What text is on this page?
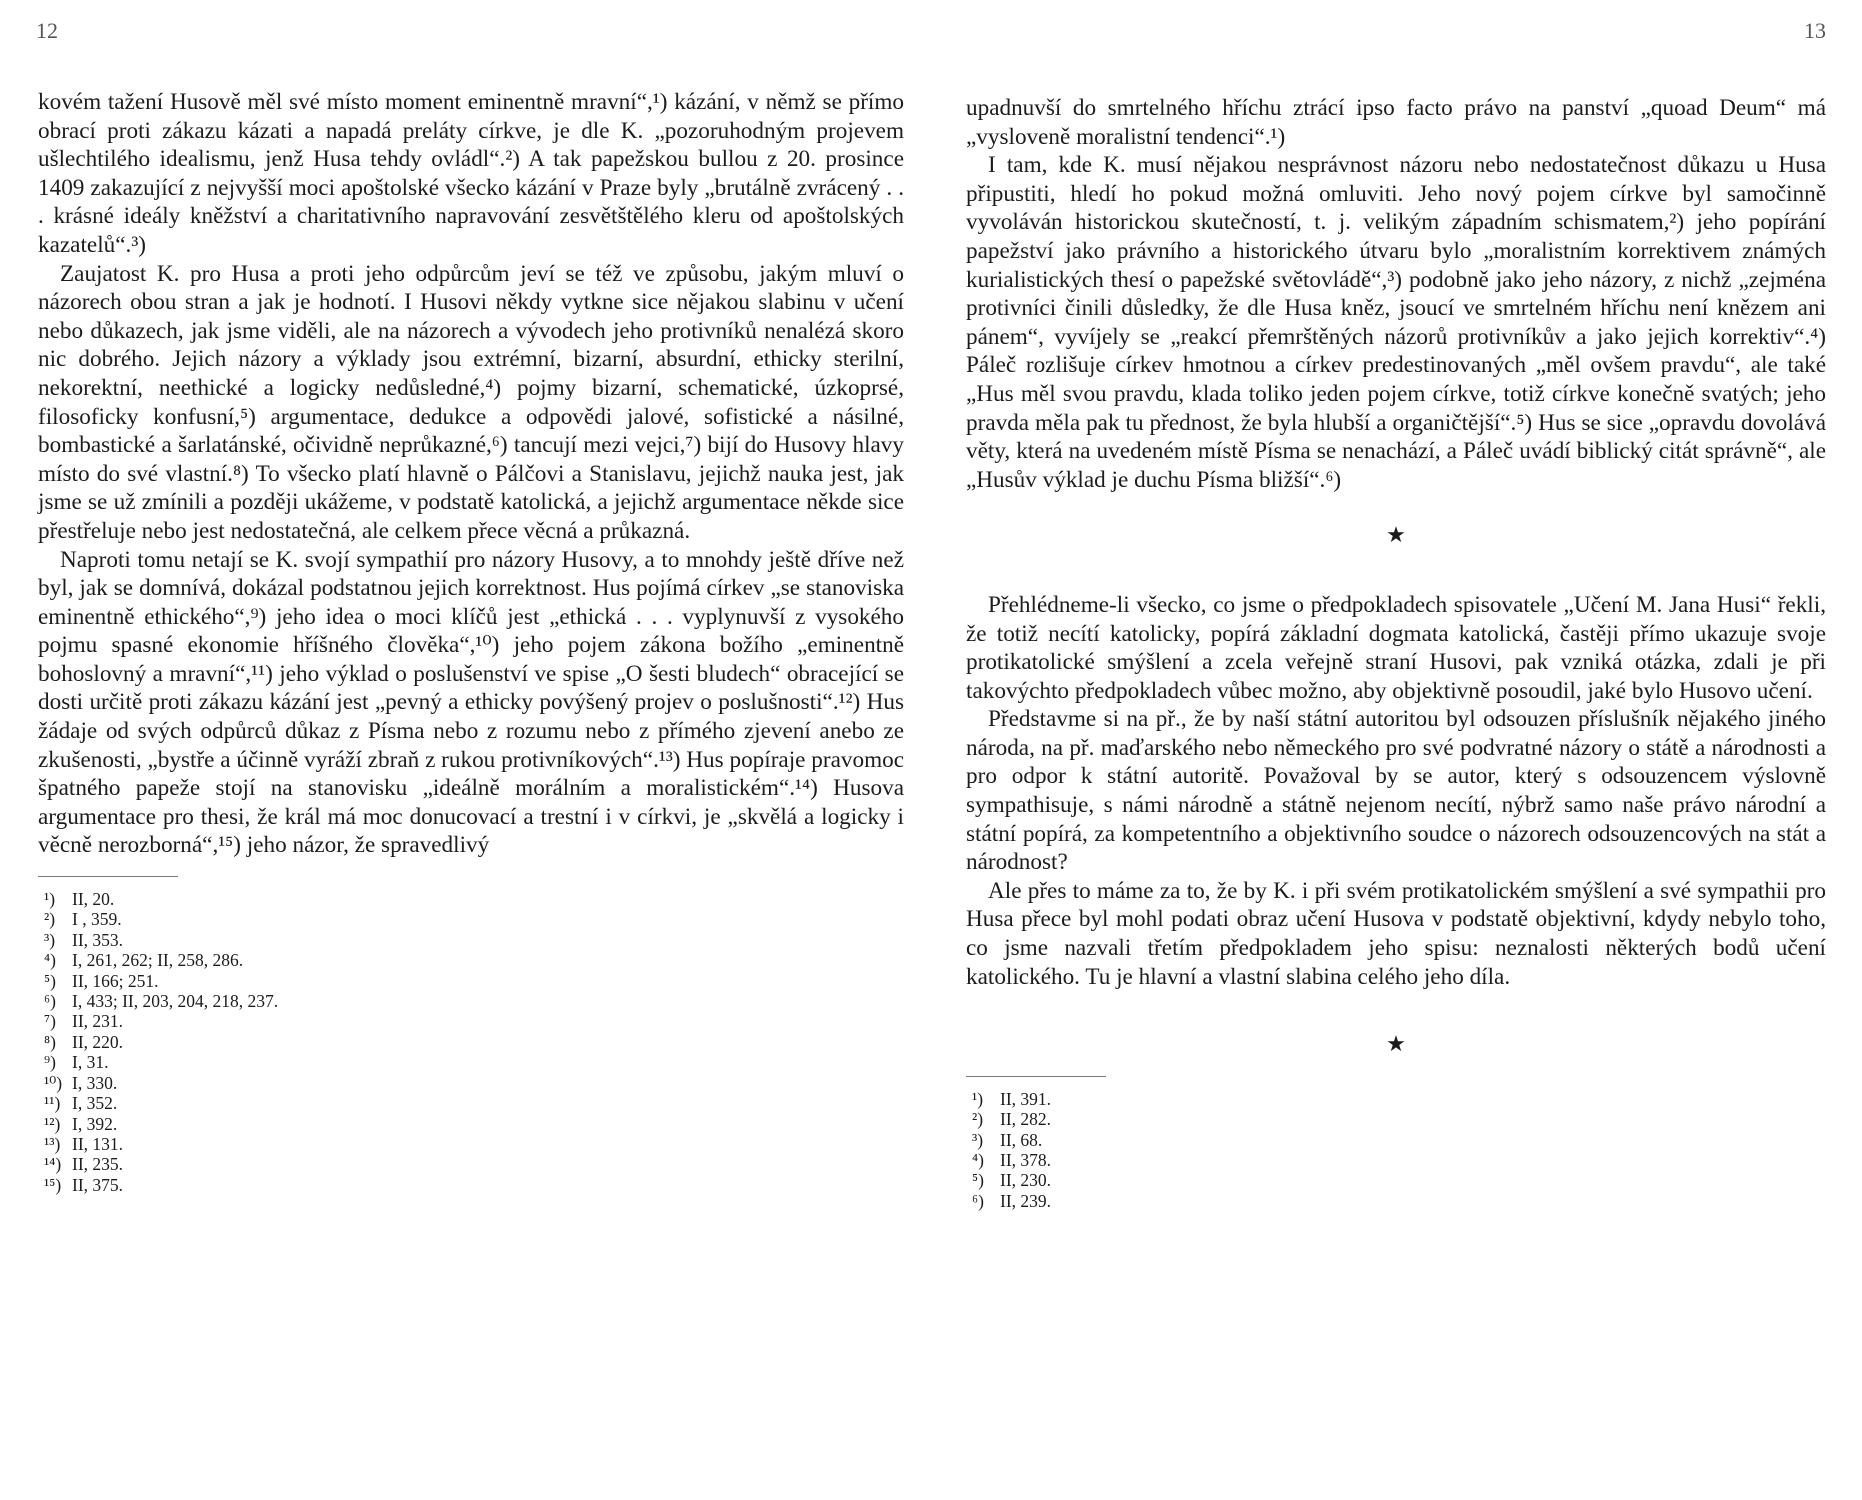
12	13

kovém tažení Husově měl své místo moment eminentně mravní“,¹) kázání, v němž se přímo obrací proti zákazu kázati a napadá preláty církve, je dle K. „pozoruhodným projevem ušlechtilého idealismu, jenž Husa tehdy ovládl“.²) A tak papežskou bullou z 20. prosince 1409 zakazující z nejvyšší moci apoštolské všecko kázání v Praze byly „brutálně zvrácený . . . krásné ideály kněžství a charitativního napravování zesvětštělého kleru od apoštolských kazatelů“.³)

Zaujatost K. pro Husa a proti jeho odpůrcům jeví se též ve způsobu, jakým mluví o názorech obou stran a jak je hodnotí. I Husovi někdy vytkne sice nějakou slabinu v učení nebo důkazech, jak jsme viděli, ale na názorech a vývodech jeho protivníků nenalézá skoro nic dobrého. Jejich názory a výklady jsou extrémní, bizarní, absurdní, ethicky sterilní, nekorektní, neethické a logicky nedůsledné,⁴) pojmy bizarní, schematické, úzkoprsé, filosoficky konfusní,⁵) argumentace, dedukce a odpovědi jalové, sofistické a násilné, bombastické a šarlatánské, očividně neprůkazné,⁶) tancují mezi vejci,⁷) bijí do Husovy hlavy místo do své vlastní.⁸) To všecko platí hlavně o Pálčovi a Stanislavu, jejichž nauka jest, jak jsme se už zmínili a později ukážeme, v podstatě katolická, a jejichž argumentace někde sice přestřeluje nebo jest nedostatečná, ale celkem přece věcná a průkazná.

Naproti tomu netají se K. svojí sympathií pro názory Husovy, a to mnohdy ještě dříve než byl, jak se domnívá, dokázal podstatnou jejich korrektnost. Hus pojímá církev „se stanoviska eminentně ethického“,⁹) jeho idea o moci klíčů jest „ethická . . . vyplynuvší z vysokého pojmu spasné ekonomie hříšného člověka“,¹⁰) jeho pojem zákona božího „eminentně bohoslovný a mravní“,¹¹) jeho výklad o poslušenství ve spise „O šesti bludech“ obracející se dosti určitě proti zákazu kázání jest „pevný a ethicky povýšený projev o poslušnosti“.¹²) Hus žádaje od svých odpůrců důkaz z Písma nebo z rozumu nebo z přímého zjevení anebo ze zkušenosti, „bystře a účinně vyráží zbraň z rukou protivníkových“.¹³) Hus popíraje pravomoc špatného papeže stojí na stanovisku „ideálně morálním a moralistickém“.¹⁴) Husova argumentace pro thesi, že král má moc donucovací a trestní i v církvi, je „skvělá a logicky i věcně nerozborná“,¹⁵) jeho názor, že spravedlivý

¹) II, 20.
²) I , 359.
³) II, 353.
⁴) I, 261, 262; II, 258, 286.
⁵) II, 166; 251.
⁶) I, 433; II, 203, 204, 218, 237.
⁷) II, 231.
⁸) II, 220.
⁹) I, 31.
¹⁰) I, 330.
¹¹) I, 352.
¹²) I, 392.
¹³) II, 131.
¹⁴) II, 235.
¹⁵) II, 375.

upadnuvší do smrtelného hříchu ztrácí ipso facto právo na panství „quoad Deum“ má „vysloveně moralistní tendenci“.¹)

I tam, kde K. musí nějakou nesprávnost názoru nebo nedostatečnost důkazu u Husa připustiti, hledí ho pokud možná omluviti. Jeho nový pojem církve byl samočinně vyvoláván historickou skutečností, t. j. velikým západním schismatem,²) jeho popírání papežství jako právního a historického útvaru bylo „moralistním korrektivem známých kurialistických thesí o papežské světovládě“,³) podobně jako jeho názory, z nichž „zejména protivníci činili důsledky, že dle Husa kněz, jsoucí ve smrtelném hříchu není knězem ani pánem“, vyvíjely se „reakcí přemrštěných názorů protivníkův a jako jejich korrektiv“.⁴) Páleč rozlišuje církev hmotnou a církev predestinovaných „měl ovšem pravdu“, ale také „Hus měl svou pravdu, klada toliko jeden pojem církve, totiž církve konečně svatých; jeho pravda měla pak tu přednost, že byla hlubší a organičtější“.⁵) Hus se sice „opravdu dovolává věty, která na uvedeném místě Písma se nenachází, a Páleč uvádí biblický citát správně“, ale „Husův výklad je duchu Písma bližší“.⁶)

★

Přehlédneme-li všecko, co jsme o předpokladech spisovatele „Učení M. Jana Husi“ řekli, že totiž necítí katolicky, popírá základní dogmata katolická, častěji přímo ukazuje svoje protikatolické smýšlení a zcela veřejně straní Husovi, pak vzniká otázka, zdali je při takovýchto předpokladech vůbec možno, aby objektivně posoudil, jaké bylo Husovo učení.

Představme si na př., že by naší státní autoritou byl odsouzen příslušník nějakého jiného národa, na př. maďarského nebo německého pro své podvratné názory o státě a národnosti a pro odpor k státní autoritě. Považoval by se autor, který s odsouzencem výslovně sympathisuje, s námi národně a státně nejenom necítí, nýbrž samo naše právo národní a státní popírá, za kompetentního a objektivního soudce o názorech odsouzencových na stát a národnost?

Ale přes to máme za to, že by K. i při svém protikatolickém smýšlení a své sympathii pro Husa přece byl mohl podati obraz učení Husova v podstatě objektivní, kdydy nebylo toho, co jsme nazvali třetím předpokladem jeho spisu: neznalosti některých bodů učení katolického. Tu je hlavní a vlastní slabina celého jeho díla.

★
¹) II, 391.
²) II, 282.
³) II, 68.
⁴) II, 378.
⁵) II, 230.
⁶) II, 239.
